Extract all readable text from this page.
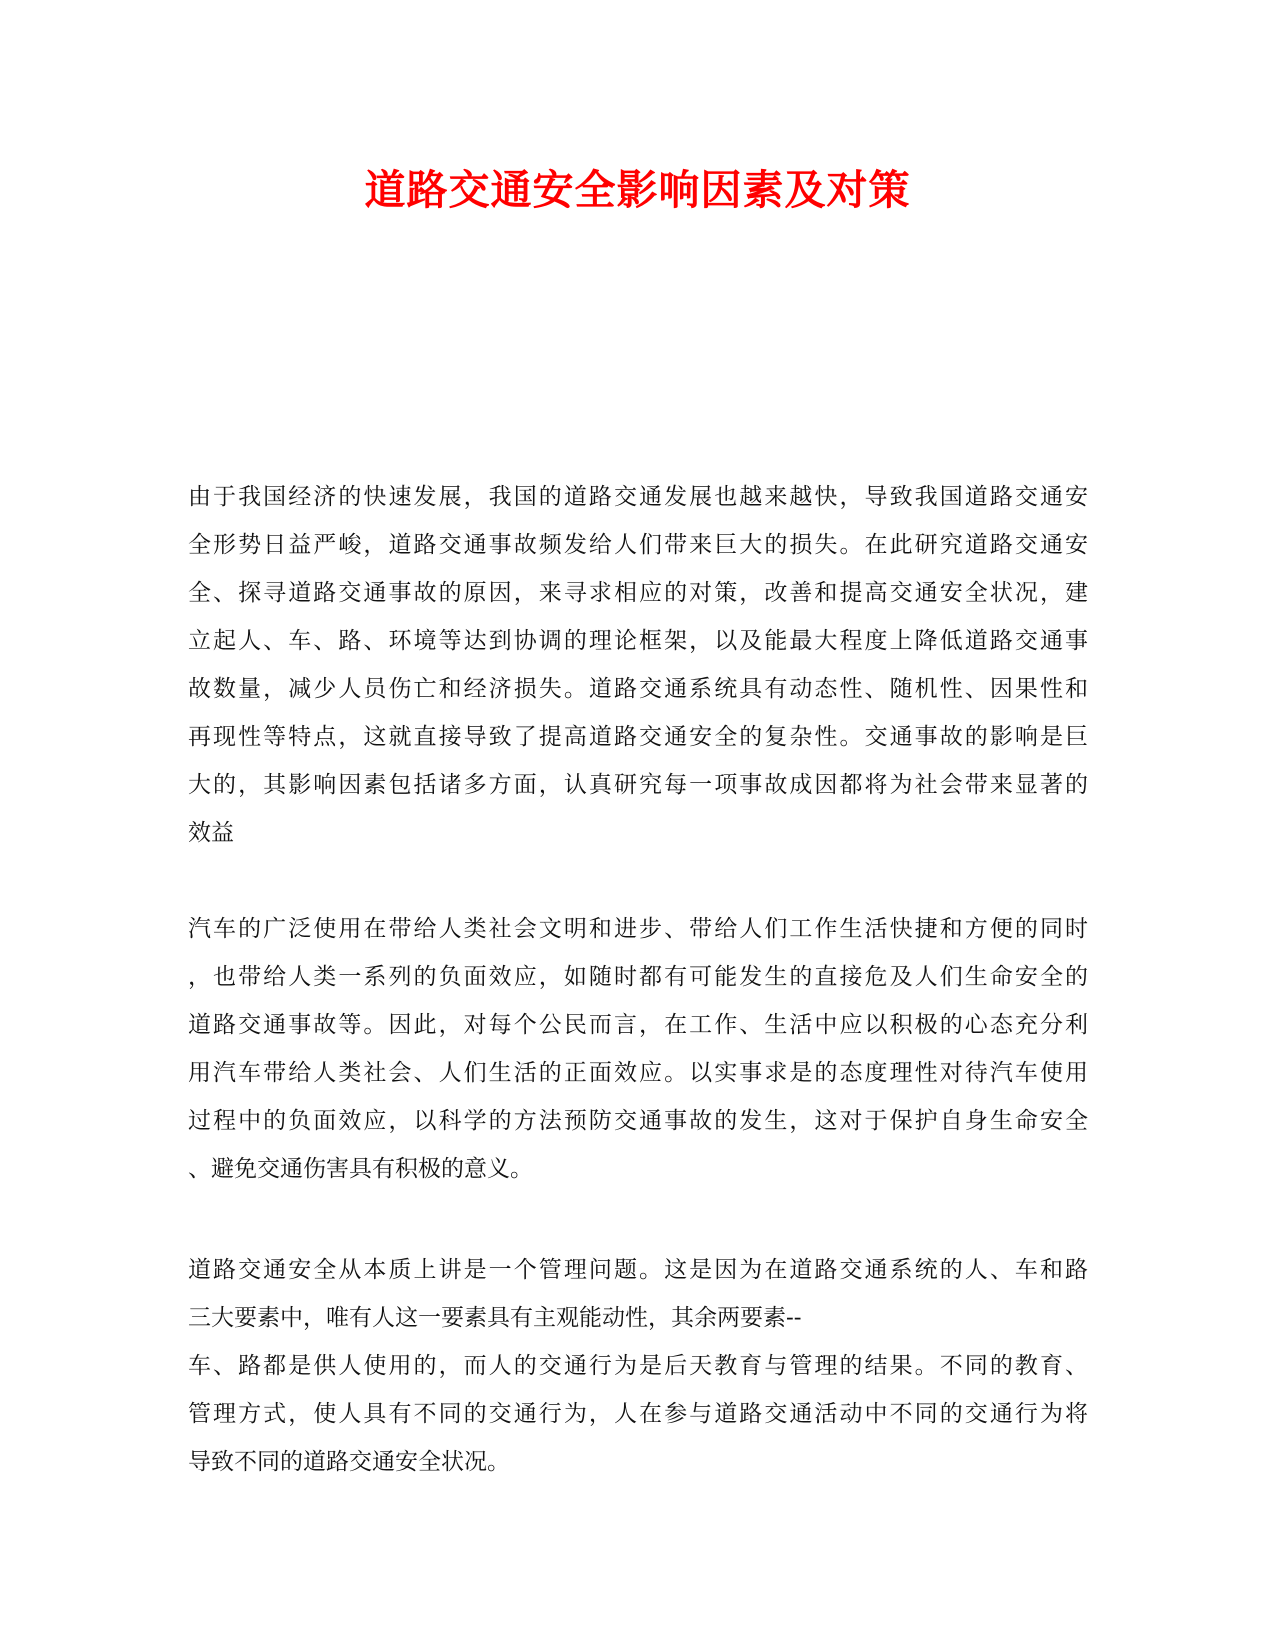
道路交通安全影响因素及对策
由于我国经济的快速发展，我国的道路交通发展也越来越快，导致我国道路交通安
全形势日益严峻，道路交通事故频发给人们带来巨大的损失。在此研究道路交通安
全、探寻道路交通事故的原因，来寻求相应的对策，改善和提高交通安全状况，建
立起人、车、路、环境等达到协调的理论框架，以及能最大程度上降低道路交通事
故数量，减少人员伤亡和经济损失。道路交通系统具有动态性、随机性、因果性和
再现性等特点，这就直接导致了提高道路交通安全的复杂性。交通事故的影响是巨
大的，其影响因素包括诸多方面，认真研究每一项事故成因都将为社会带来显著的
效益
汽车的广泛使用在带给人类社会文明和进步、带给人们工作生活快捷和方便的同时
，也带给人类一系列的负面效应，如随时都有可能发生的直接危及人们生命安全的
道路交通事故等。因此，对每个公民而言，在工作、生活中应以积极的心态充分利
用汽车带给人类社会、人们生活的正面效应。以实事求是的态度理性对待汽车使用
过程中的负面效应，以科学的方法预防交通事故的发生，这对于保护自身生命安全
、避免交通伤害具有积极的意义。
道路交通安全从本质上讲是一个管理问题。这是因为在道路交通系统的人、车和路
三大要素中，唯有人这一要素具有主观能动性，其余两要素--
车、路都是供人使用的，而人的交通行为是后天教育与管理的结果。不同的教育、
管理方式，使人具有不同的交通行为，人在参与道路交通活动中不同的交通行为将
导致不同的道路交通安全状况。
